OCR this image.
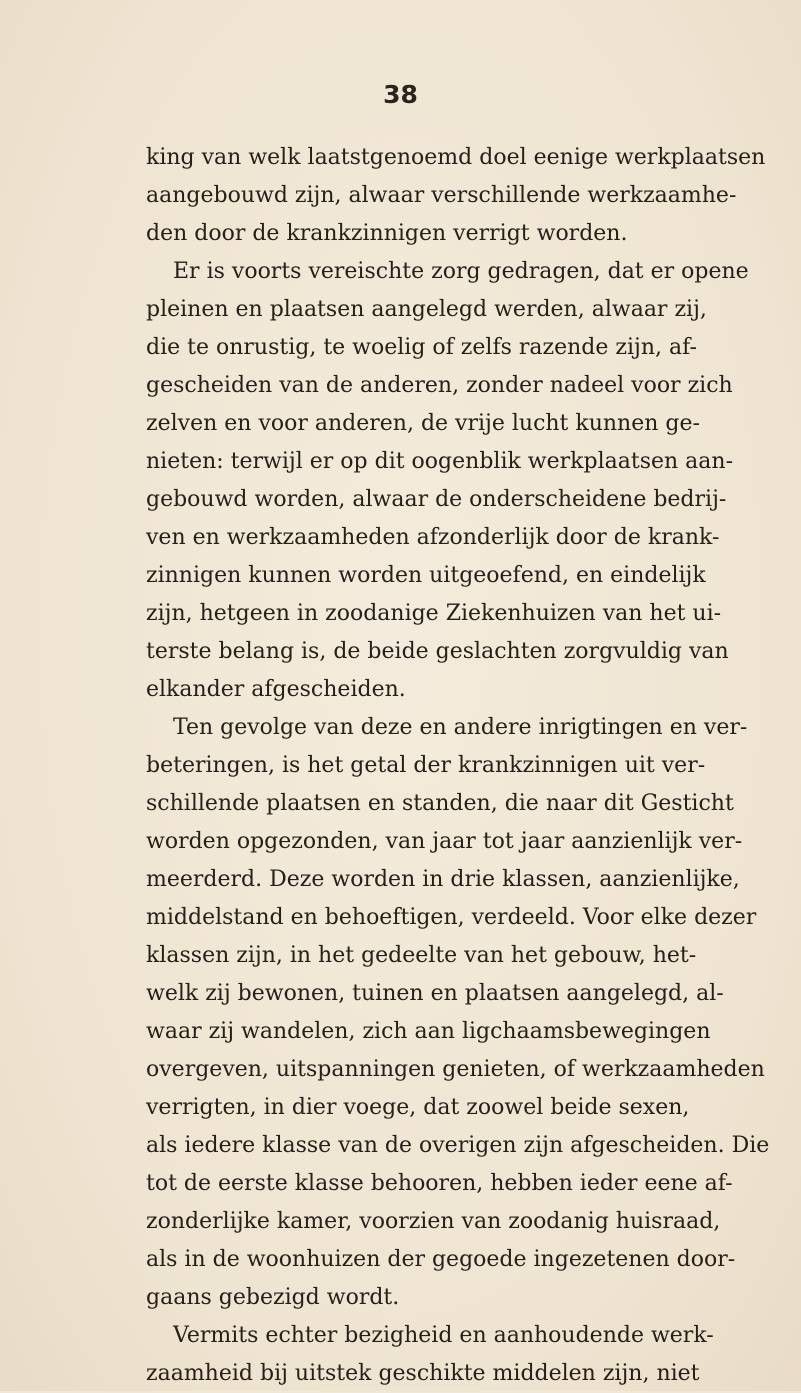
38
king van welk laatstgenoemd doel eenige werkplaatsen
aangebouwd zijn, alwaar verschillende werkzaamhe-
den door de krankzinnigen verrigt worden.
Er is voorts vereischte zorg gedragen, dat er opene
pleinen en plaatsen aangelegd werden, alwaar zij,
die te onrustig, te woelig of zelfs razende zijn, af-
gescheiden van de anderen, zonder nadeel voor zich
zelven en voor anderen, de vrije lucht kunnen ge-
nieten: terwijl er op dit oogenblik werkplaatsen aan-
gebouwd worden, alwaar de onderscheidene bedrij-
ven en werkzaamheden afzonderlijk door de krank-
zinnigen kunnen worden uitgeoefend, en eindelijk
zijn, hetgeen in zoodanige Ziekenhuizen van het ui-
terste belang is, de beide geslachten zorgvuldig van
elkander afgescheiden.
Ten gevolge van deze en andere inrigtingen en ver-
beteringen, is het getal der krankzinnigen uit ver-
schillende plaatsen en standen, die naar dit Gesticht
worden opgezonden, van jaar tot jaar aanzienlijk ver-
meerderd. Deze worden in drie klassen, aanzienlijke,
middelstand en behoeftigen, verdeeld. Voor elke dezer
klassen zijn, in het gedeelte van het gebouw, het-
welk zij bewonen, tuinen en plaatsen aangelegd, al-
waar zij wandelen, zich aan ligchaamsbewegingen
overgeven, uitspanningen genieten, of werkzaamheden
verrigten, in dier voege, dat zoowel beide sexen,
als iedere klasse van de overigen zijn afgescheiden. Die
tot de eerste klasse behooren, hebben ieder eene af-
zonderlijke kamer, voorzien van zoodanig huisraad,
als in de woonhuizen der gegoede ingezetenen door-
gaans gebezigd wordt.
Vermits echter bezigheid en aanhoudende werk-
zaamheid bij uitstek geschikte middelen zijn, niet
